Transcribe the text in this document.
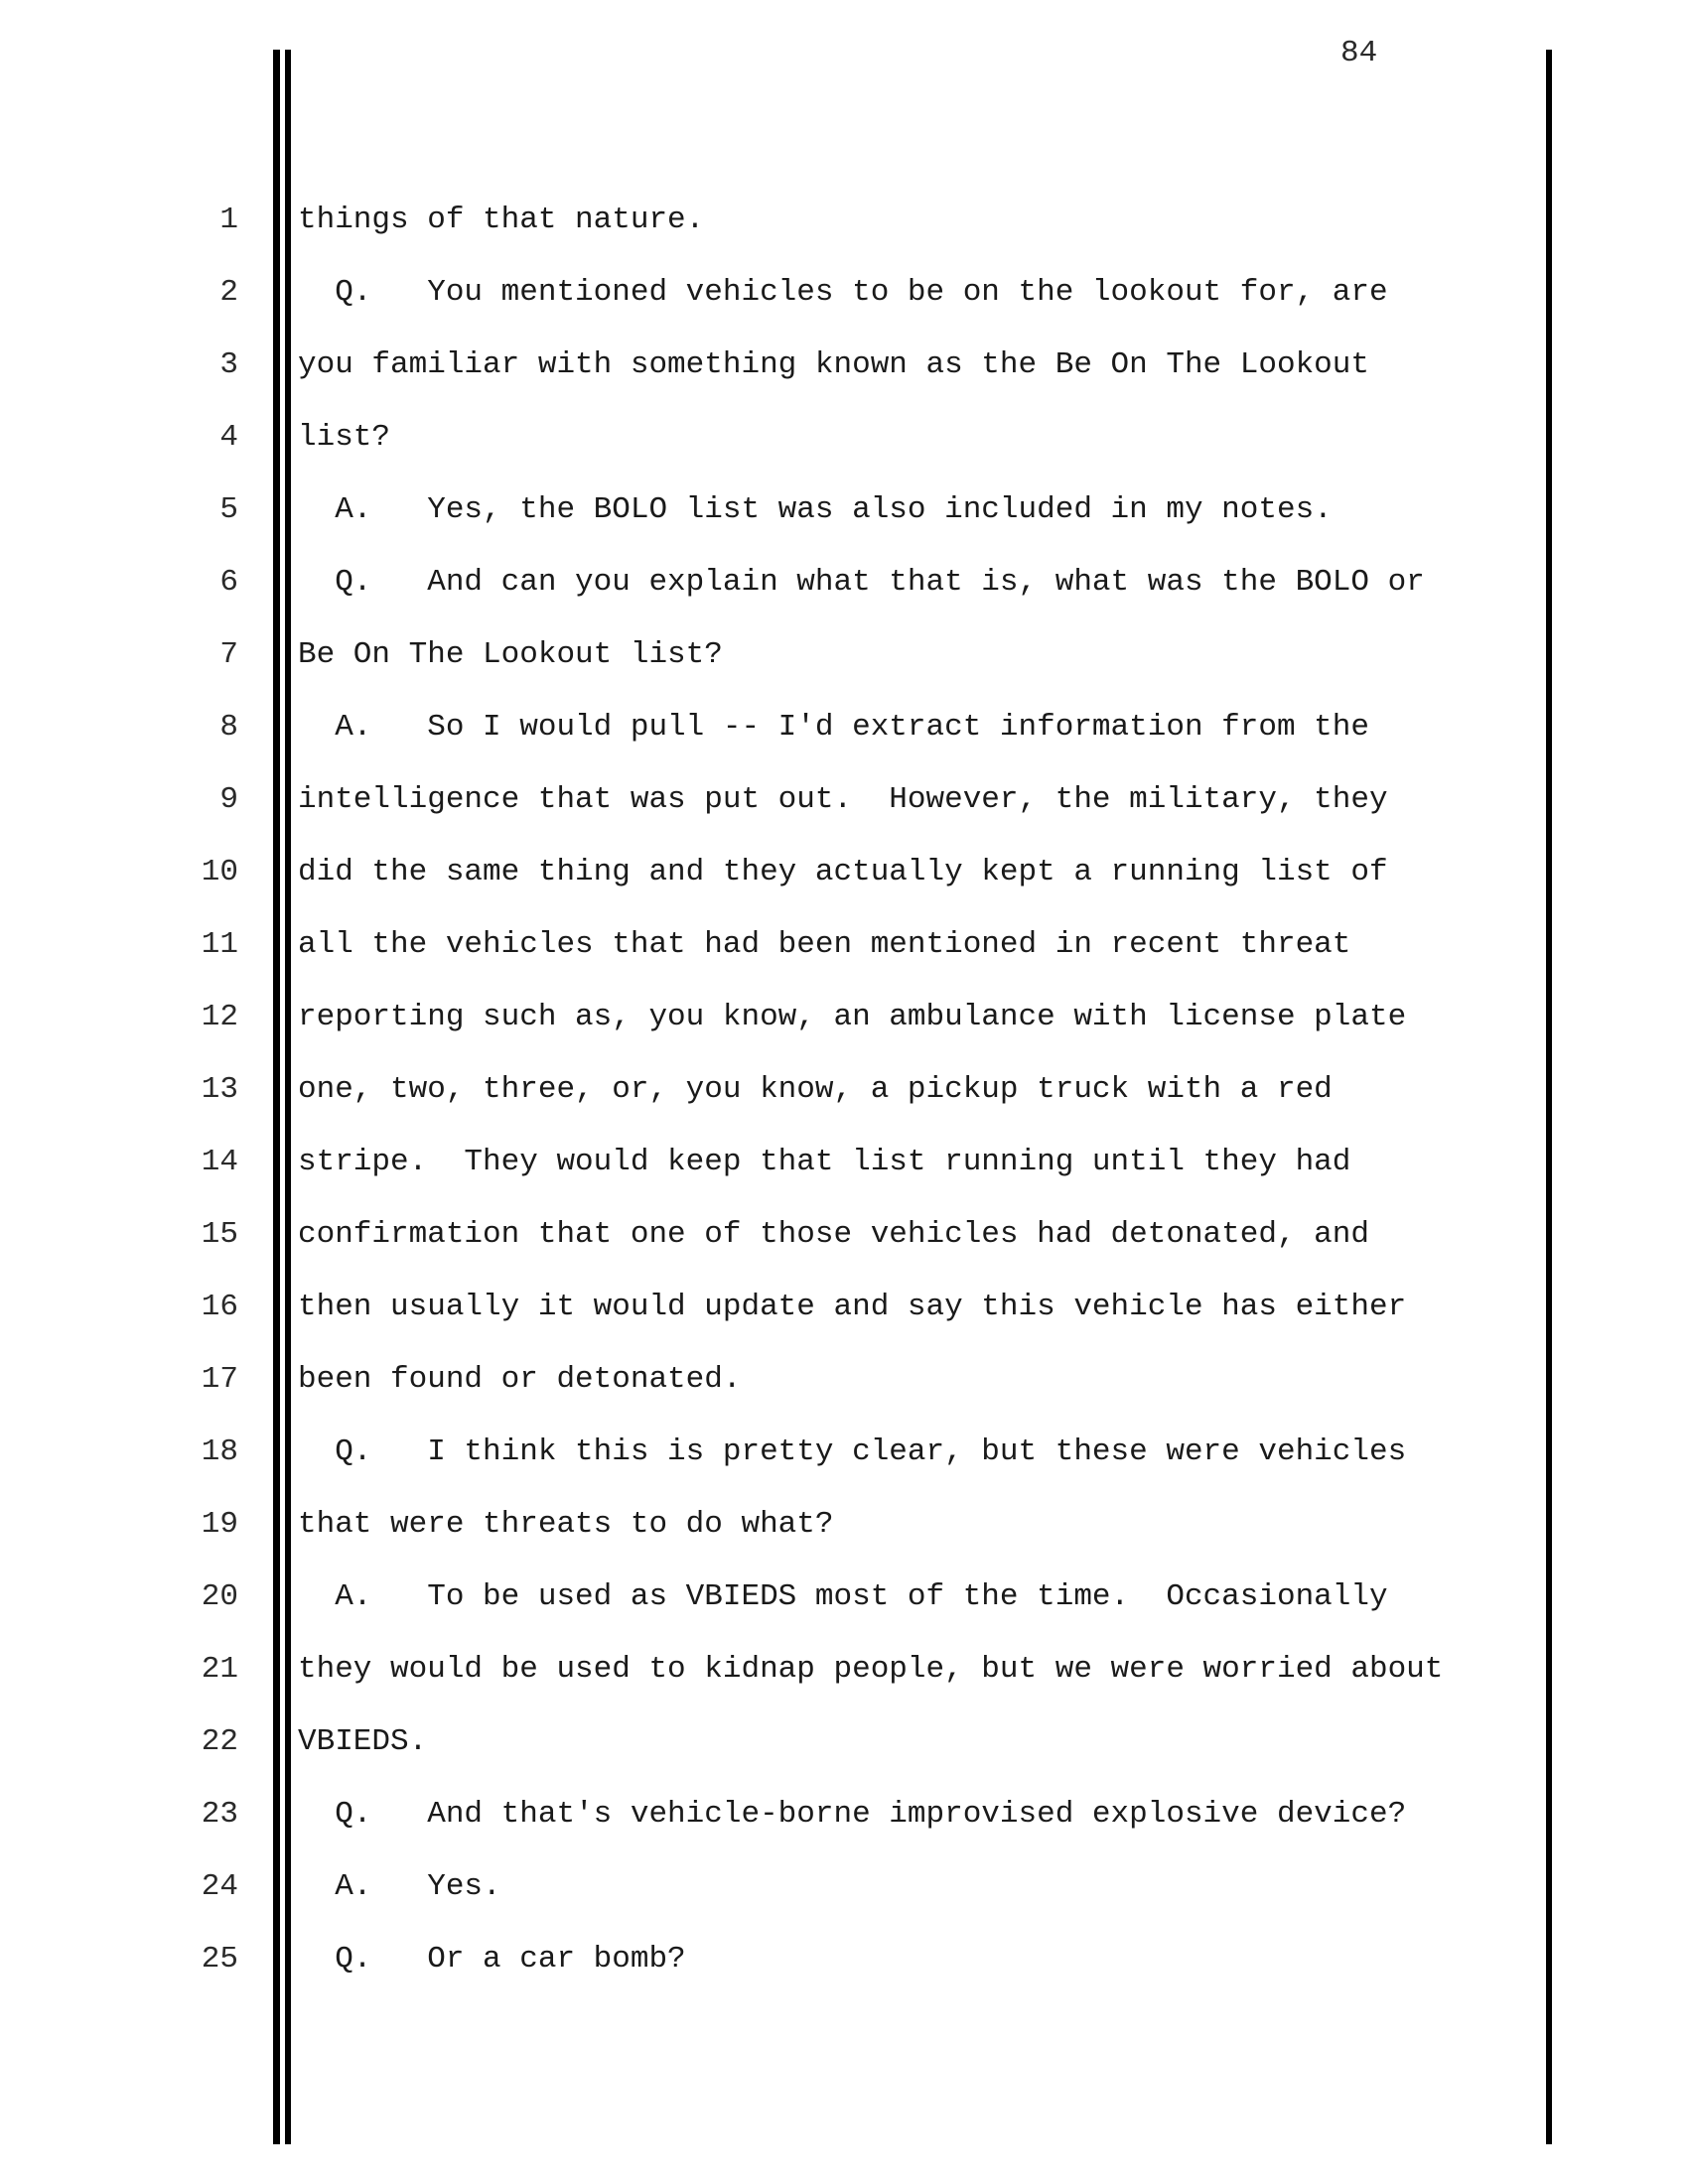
84
1 things of that nature.
2 Q.   You mentioned vehicles to be on the lookout for, are
3 you familiar with something known as the Be On The Lookout
4 list?
5 A.   Yes, the BOLO list was also included in my notes.
6 Q.   And can you explain what that is, what was the BOLO or
7 Be On The Lookout list?
8 A.   So I would pull -- I'd extract information from the
9 intelligence that was put out.  However, the military, they
10 did the same thing and they actually kept a running list of
11 all the vehicles that had been mentioned in recent threat
12 reporting such as, you know, an ambulance with license plate
13 one, two, three, or, you know, a pickup truck with a red
14 stripe.  They would keep that list running until they had
15 confirmation that one of those vehicles had detonated, and
16 then usually it would update and say this vehicle has either
17 been found or detonated.
18 Q.   I think this is pretty clear, but these were vehicles
19 that were threats to do what?
20 A.   To be used as VBIEDS most of the time.  Occasionally
21 they would be used to kidnap people, but we were worried about
22 VBIEDS.
23 Q.   And that's vehicle-borne improvised explosive device?
24 A.   Yes.
25 Q.   Or a car bomb?
